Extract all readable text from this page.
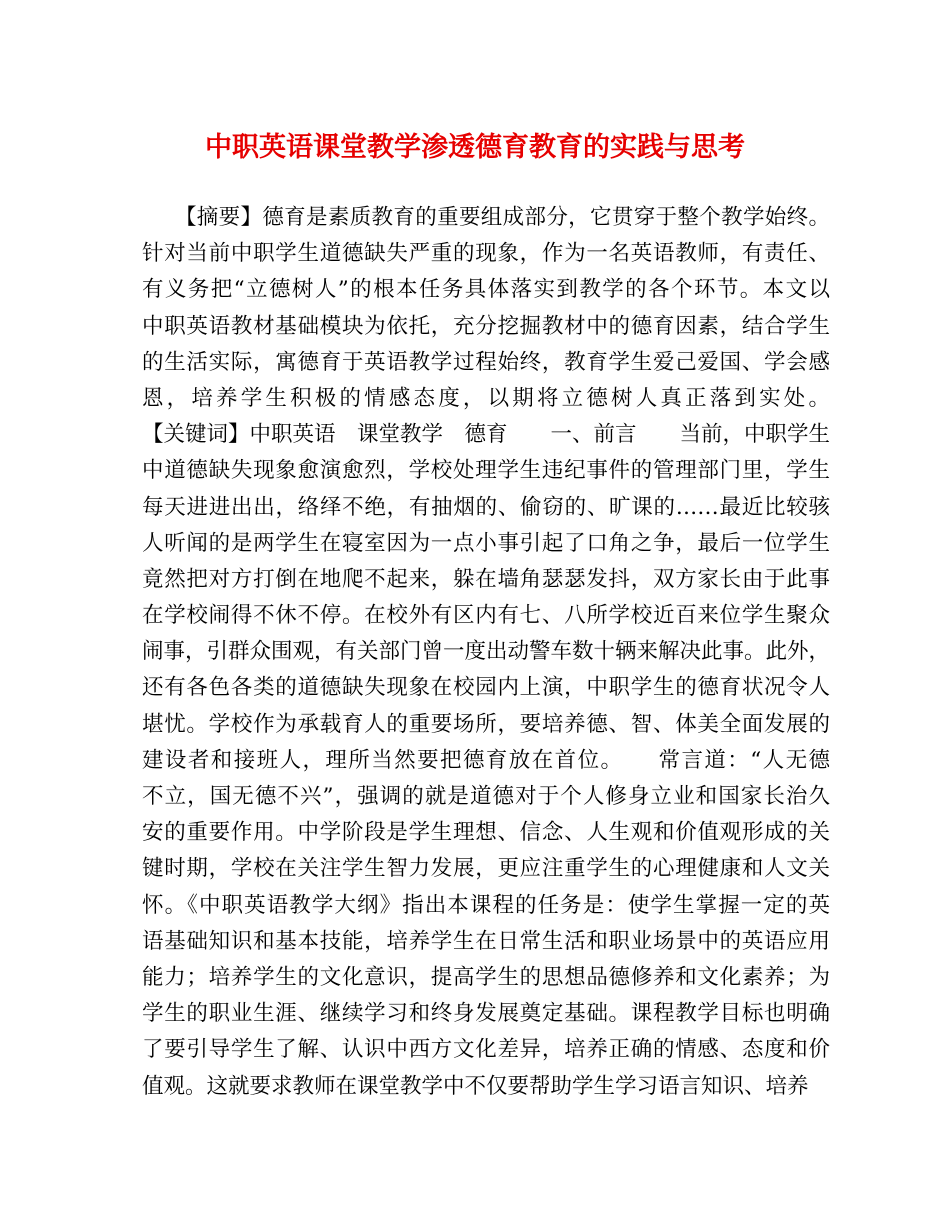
中职英语课堂教学渗透德育教育的实践与思考
　　【摘要】德育是素质教育的重要组成部分，它贯穿于整个教学始终。
针对当前中职学生道德缺失严重的现象，作为一名英语教师，有责任、
有义务把“立德树人”的根本任务具体落实到教学的各个环节。本文以
中职英语教材基础模块为依托，充分挖掘教材中的德育因素，结合学生
的生活实际，寓德育于英语教学过程始终，教育学生爱己爱国、学会感
恩，培养学生积极的情感态度，以期将立德树人真正落到实处。
【关键词】中职英语　课堂教学　德育　　一、前言　　当前，中职学生
中道德缺失现象愈演愈烈，学校处理学生违纪事件的管理部门里，学生
每天进进出出，络绎不绝，有抽烟的、偷窃的、旷课的……最近比较骇
人听闻的是两学生在寝室因为一点小事引起了口角之争，最后一位学生
竟然把对方打倒在地爬不起来，躲在墙角瑟瑟发抖，双方家长由于此事
在学校闹得不休不停。在校外有区内有七、八所学校近百来位学生聚众
闹事，引群众围观，有关部门曾一度出动警车数十辆来解决此事。此外，
还有各色各类的道德缺失现象在校园内上演，中职学生的德育状况令人
堪忧。学校作为承载育人的重要场所，要培养德、智、体美全面发展的
建设者和接班人，理所当然要把德育放在首位。　　常言道：“人无德
不立，国无德不兴”，强调的就是道德对于个人修身立业和国家长治久
安的重要作用。中学阶段是学生理想、信念、人生观和价值观形成的关
键时期，学校在关注学生智力发展，更应注重学生的心理健康和人文关
怀。《中职英语教学大纲》指出本课程的任务是：使学生掌握一定的英
语基础知识和基本技能，培养学生在日常生活和职业场景中的英语应用
能力；培养学生的文化意识，提高学生的思想品德修养和文化素养；为
学生的职业生涯、继续学习和终身发展奠定基础。课程教学目标也明确
了要引导学生了解、认识中西方文化差异，培养正确的情感、态度和价
值观。这就要求教师在课堂教学中不仅要帮助学生学习语言知识、培养
